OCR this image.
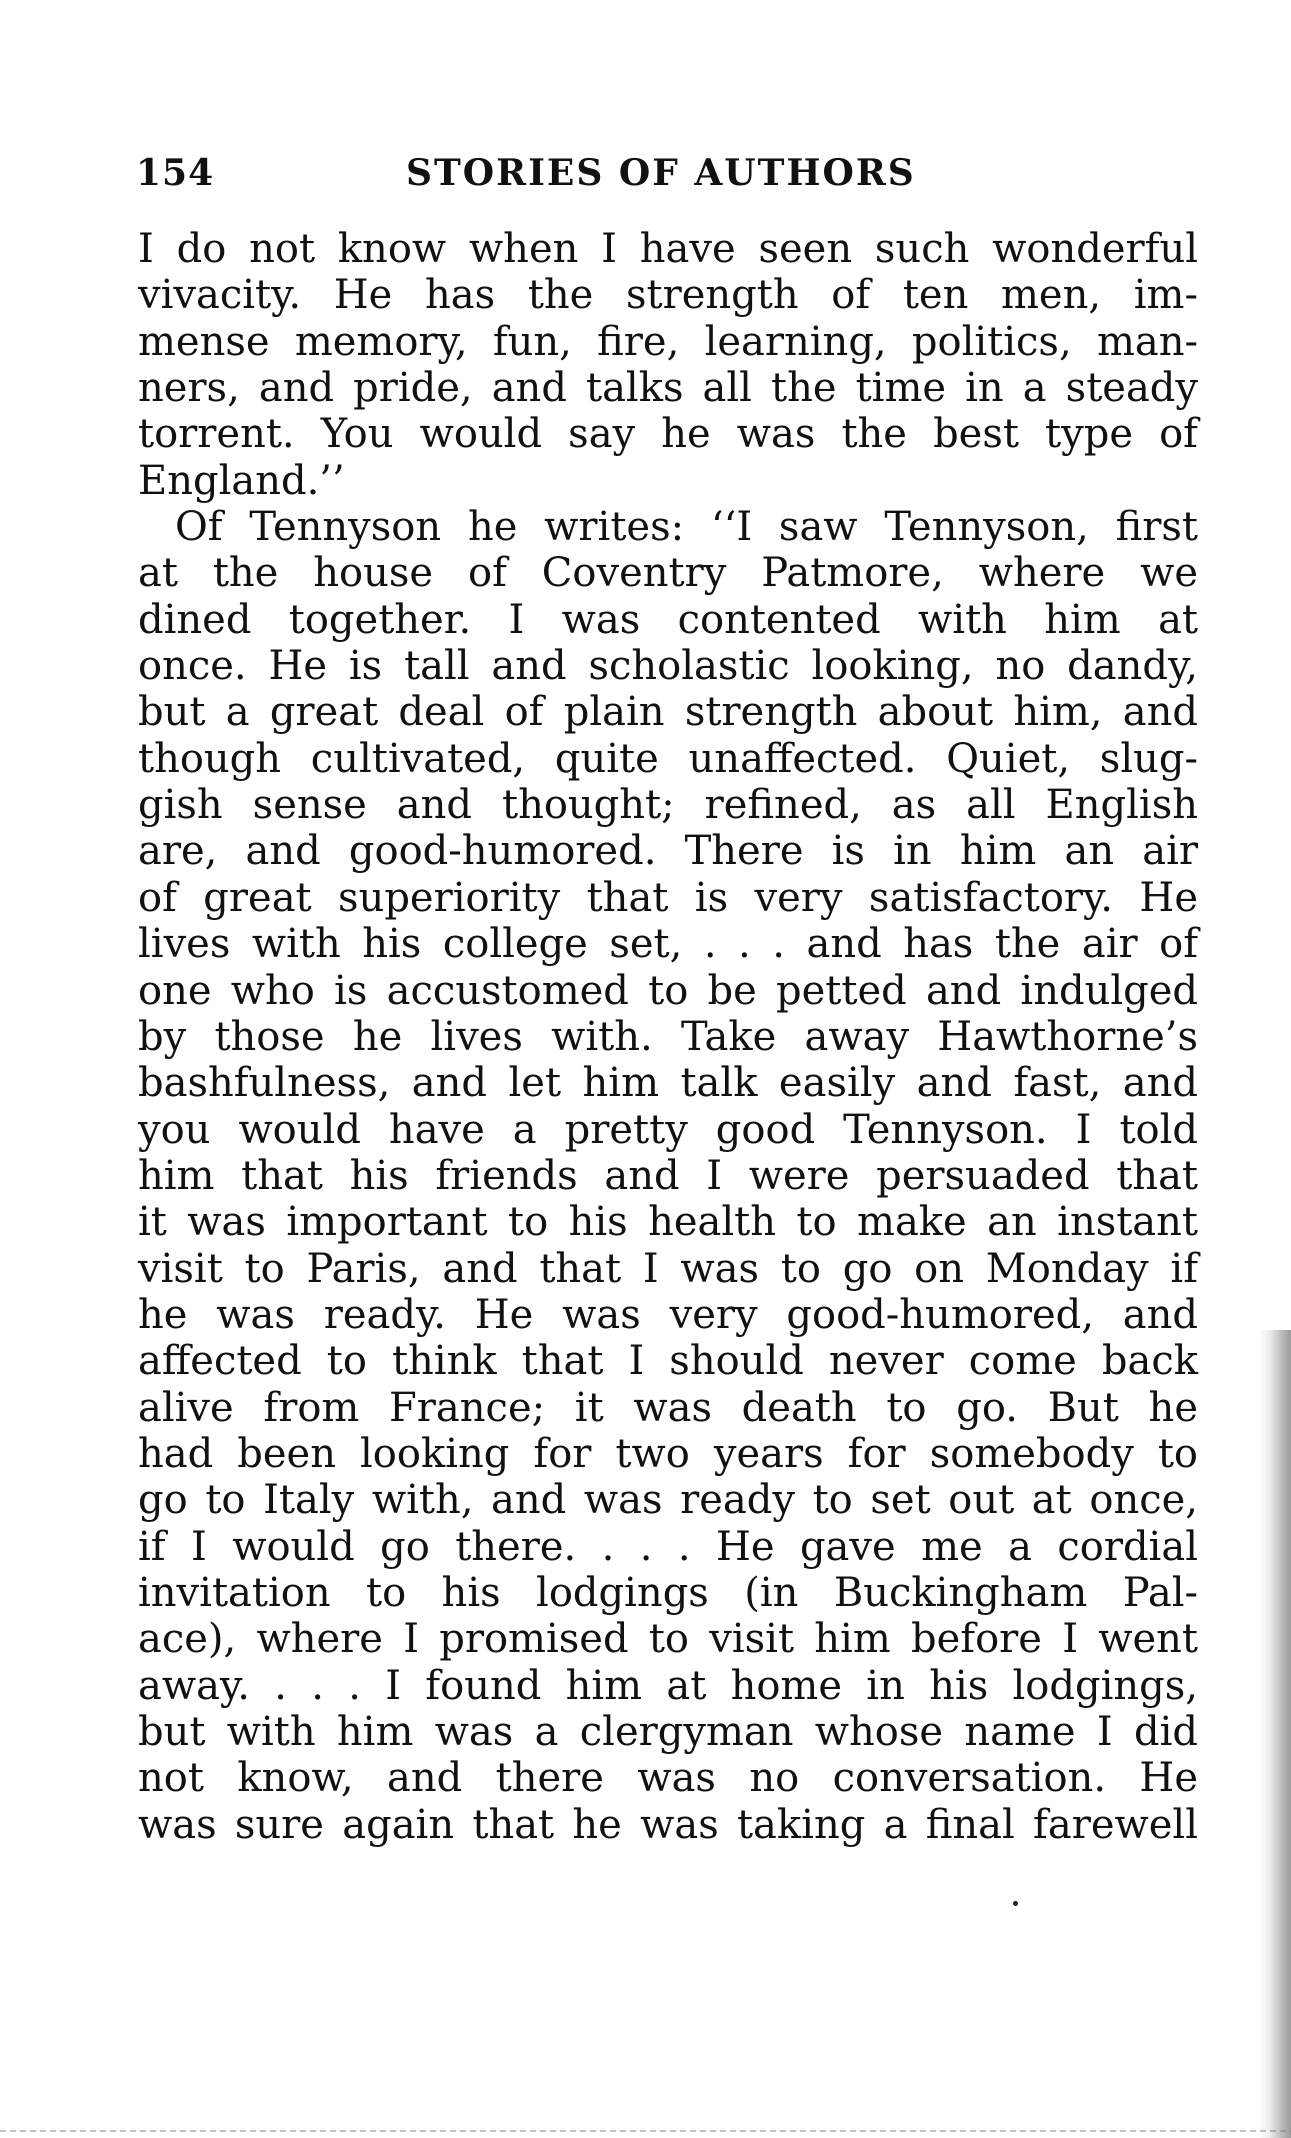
154	STORIES OF AUTHORS
I do not know when I have seen such wonderful
vivacity. He has the strength of ten men, im-
mense memory, fun, fire, learning, politics, man-
ners, and pride, and talks all the time in a steady
torrent. You would say he was the best type of
England.’’
Of Tennyson he writes: ‘‘I saw Tennyson, first
at the house of Coventry Patmore, where we
dined together. I was contented with him at
once. He is tall and scholastic looking, no dandy,
but a great deal of plain strength about him, and
though cultivated, quite unaffected. Quiet, slug-
gish sense and thought; refined, as all English
are, and good-humored. There is in him an air
of great superiority that is very satisfactory. He
lives with his college set, . . . and has the air of
one who is accustomed to be petted and indulged
by those he lives with. Take away Hawthorne’s
bashfulness, and let him talk easily and fast, and
you would have a pretty good Tennyson. I told
him that his friends and I were persuaded that
it was important to his health to make an instant
visit to Paris, and that I was to go on Monday if
he was ready. He was very good-humored, and
affected to think that I should never come back
alive from France; it was death to go. But he
had been looking for two years for somebody to
go to Italy with, and was ready to set out at once,
if I would go there. . . . He gave me a cordial
invitation to his lodgings (in Buckingham Pal-
ace), where I promised to visit him before I went
away. . . . I found him at home in his lodgings,
but with him was a clergyman whose name I did
not know, and there was no conversation. He
was sure again that he was taking a final farewell
